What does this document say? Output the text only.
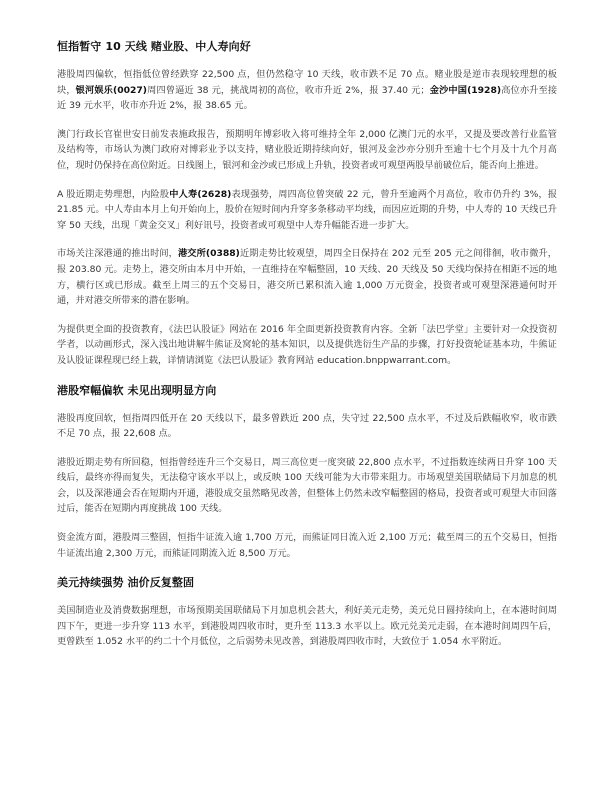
恒指暂守 10 天线 赌业股、中人寿向好

港股周四偏软，恒指低位曾经跌穿 22,500 点，但仍然稳守 10 天线，收市跌不足 70 点。赌业股是逆市表现较理想的板块，银河娱乐(0027)周四曾逼近 38 元，挑战周初的高位，收市升近 2%，报 37.40 元；金沙中国(1928)高位亦升至接近 39 元水平，收市亦升近 2%，报 38.65 元。

澳门行政长官崔世安日前发表施政报告，预期明年博彩收入将可维持全年 2,000 亿澳门元的水平，又提及要改善行业监管及结构等，市场认为澳门政府对博彩业予以支持，赌业股近期持续向好，银河及金沙亦分别升至逾十七个月及十九个月高位，现时仍保持在高位附近。日线图上，银河和金沙或已形成上升轨，投资者或可观望两股早前破位后，能否向上推进。

A 股近期走势理想，内险股中人寿(2628)表现强势，周四高位曾突破 22 元，曾升至逾两个月高位，收市仍升约 3%，报 21.85 元。中人寿由本月上旬开始向上，股价在短时间内升穿多条移动平均线，而因应近期的升势，中人寿的 10 天线已升穿 50 天线，出现「黄金交叉」利好讯号，投资者或可观望中人寿升幅能否进一步扩大。

市场关注深港通的推出时间，港交所(0388)近期走势比较观望，周四全日保持在 202 元至 205 元之间徘徊，收市微升，报 203.80 元。走势上，港交所由本月中开始，一直维持在窄幅整固，10 天线、20 天线及 50 天线均保持在相距不远的地方，横行区或已形成。截至上周三的五个交易日，港交所已累积流入逾 1,000 万元资金，投资者或可观望深港通何时开通，并对港交所带来的潜在影响。

为提供更全面的投资教育，《法巴认股证》网站在 2016 年全面更新投资教育内容。全新「法巴学堂」主要针对一众投资初学者，以动画形式，深入浅出地讲解牛熊证及窝轮的基本知识，以及提供选衍生产品的步骤，打好投资轮证基本功，牛熊证及认股证课程现已经上载，详情请浏览《法巴认股证》教育网站 education.bnppwarrant.com。

港股窄幅偏软 未见出现明显方向

港股再度回软，恒指周四低开在 20 天线以下，最多曾跌近 200 点，失守过 22,500 点水平，不过及后跌幅收窄，收市跌不足 70 点，报 22,608 点。

港股近期走势有所回稳，恒指曾经连升三个交易日，周三高位更一度突破 22,800 点水平，不过指数连续两日升穿 100 天线后，最终亦得而复失，无法稳守该水平以上，或反映 100 天线可能为大市带来阻力。市场观望美国联储局下月加息的机会，以及深港通会否在短期内开通，港股成交虽然略见改善，但整体上仍然未改窄幅整固的格局，投资者或可观望大市回落过后，能否在短期内再度挑战 100 天线。

资金流方面，港股周三整固，恒指牛证流入逾 1,700 万元，而熊证同日流入近 2,100 万元；截至周三的五个交易日，恒指牛证流出逾 2,300 万元，而熊证同期流入近 8,500 万元。

美元持续强势 油价反复整固

美国制造业及消费数据理想，市场预期美国联储局下月加息机会甚大，利好美元走势，美元兑日圆持续向上，在本港时间周四下午，更进一步升穿 113 水平，到港股周四收市时，更升至 113.3 水平以上。欧元兑美元走弱，在本港时间周四午后，更曾跌至 1.052 水平的约二十个月低位，之后弱势未见改善，到港股周四收市时，大致位于 1.054 水平附近。
